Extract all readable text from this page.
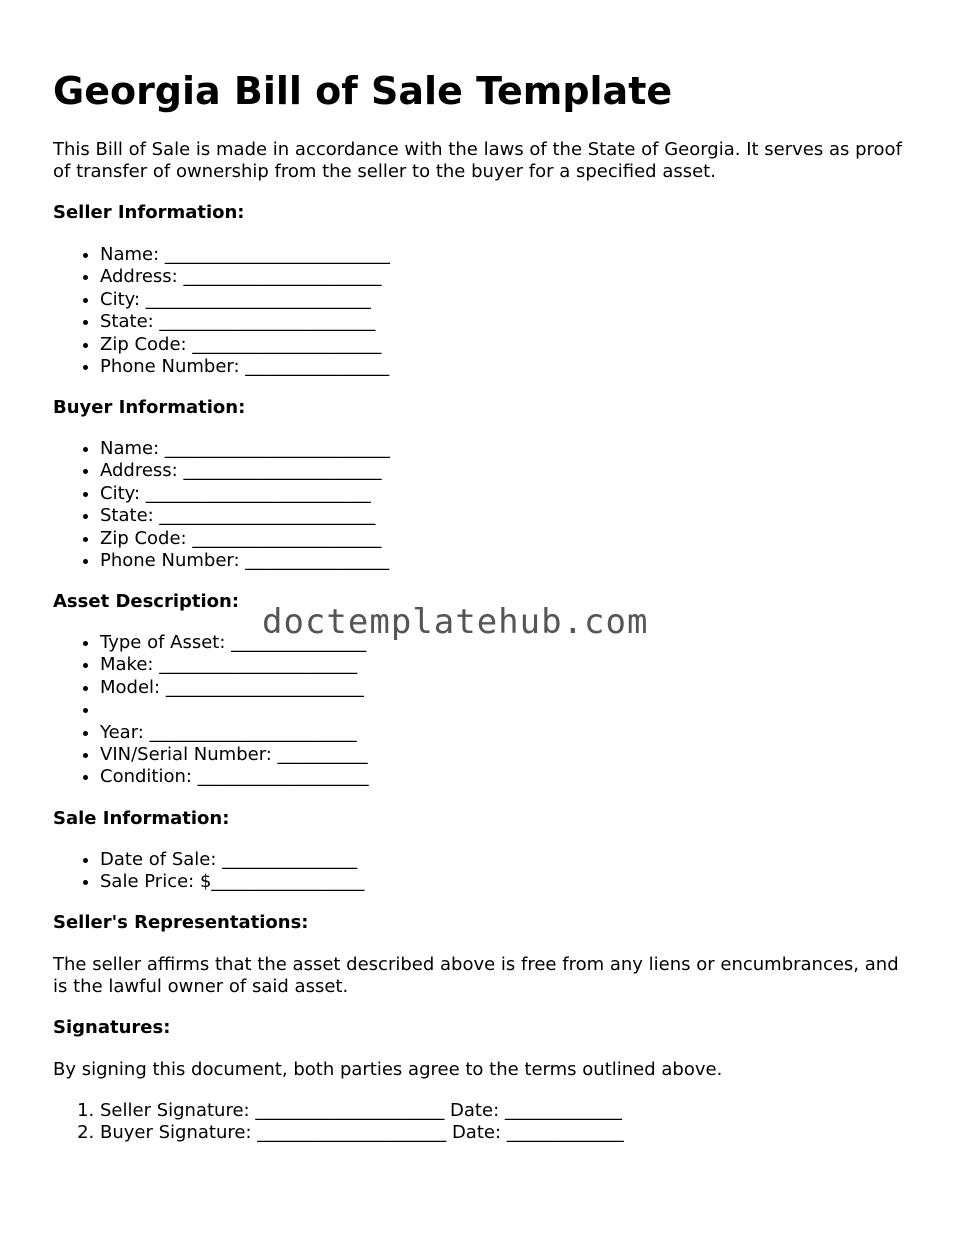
Georgia Bill of Sale Template

This Bill of Sale is made in accordance with the laws of the State of Georgia. It serves as proof of transfer of ownership from the seller to the buyer for a specified asset.

Seller Information:

• Name: _________________________
• Address: ______________________
• City: _________________________
• State: ________________________
• Zip Code: _____________________
• Phone Number: ________________

Buyer Information:

• Name: _________________________
• Address: ______________________
• City: _________________________
• State: ________________________
• Zip Code: _____________________
• Phone Number: ________________

Asset Description:

• Type of Asset: _______________
• Make: ______________________
• Model: ______________________
•
• Year: _______________________
• VIN/Serial Number: __________
• Condition: ___________________

Sale Information:

• Date of Sale: _______________
• Sale Price: $_________________

Seller's Representations:

The seller affirms that the asset described above is free from any liens or encumbrances, and is the lawful owner of said asset.

Signatures:

By signing this document, both parties agree to the terms outlined above.

1. Seller Signature: _____________________ Date: _____________
2. Buyer Signature: _____________________ Date: _____________
doctemplatehub.com
